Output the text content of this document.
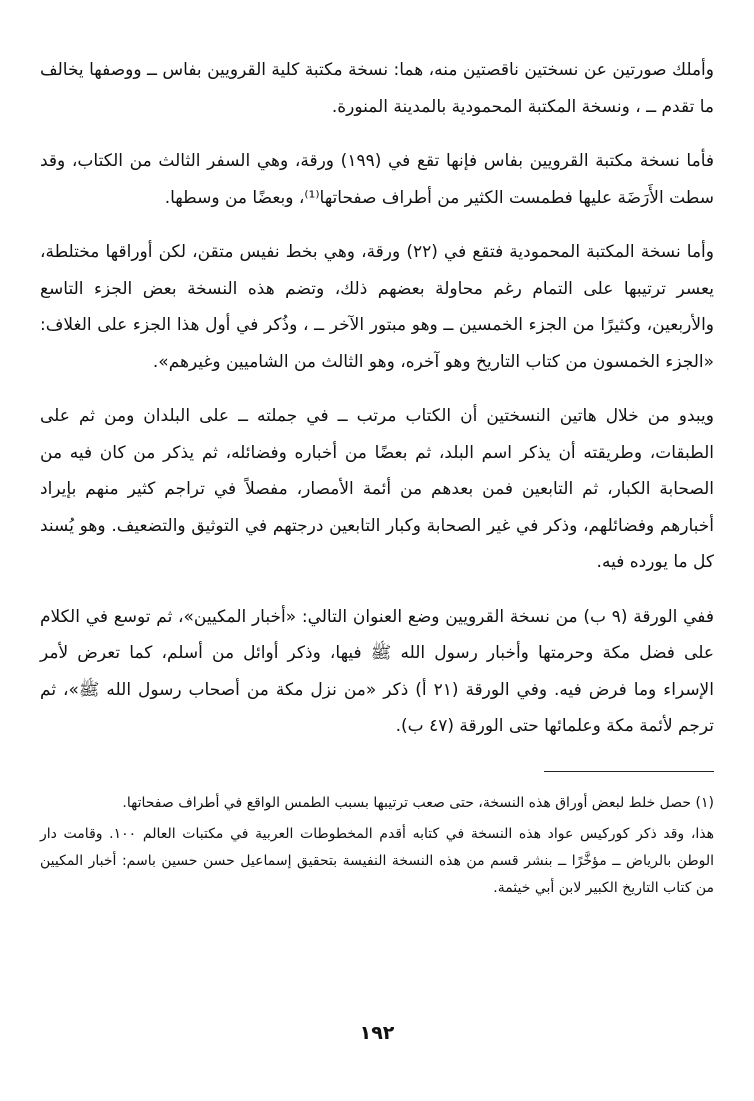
وأملك صورتين عن نسختين ناقصتين منه، هما: نسخة مكتبة كلية القرويين بفاس ــ ووصفها يخالف ما تقدم ــ ، ونسخة المكتبة المحمودية بالمدينة المنورة.

فأما نسخة مكتبة القرويين بفاس فإنها تقع في (١٩٩) ورقة، وهي السفر الثالث من الكتاب، وقد سطت الأَرَضَة عليها فطمست الكثير من أطراف صفحاتها⁽¹⁾، وبعضًا من وسطها.

وأما نسخة المكتبة المحمودية فتقع في (٢٢) ورقة، وهي بخط نفيس متقن، لكن أوراقها مختلطة، يعسر ترتيبها على التمام رغم محاولة بعضهم ذلك، وتضم هذه النسخة بعض الجزء التاسع والأربعين، وكثيرًا من الجزء الخمسين ــ وهو مبتور الآخر ــ ، وذُكر في أول هذا الجزء على الغلاف: «الجزء الخمسون من كتاب التاريخ وهو آخره، وهو الثالث من الشاميين وغيرهم».

ويبدو من خلال هاتين النسختين أن الكتاب مرتب ــ في جملته ــ على البلدان ومن ثم على الطبقات، وطريقته أن يذكر اسم البلد، ثم بعضًا من أخباره وفضائله، ثم يذكر من كان فيه من الصحابة الكبار، ثم التابعين فمن بعدهم من أئمة الأمصار، مفصلاً في تراجم كثير منهم بإيراد أخبارهم وفضائلهم، وذكر في غير الصحابة وكبار التابعين درجتهم في التوثيق والتضعيف. وهو يُسند كل ما يورده فيه.

ففي الورقة (٩ ب) من نسخة القرويين وضع العنوان التالي: «أخبار المكيين»، ثم توسع في الكلام على فضل مكة وحرمتها وأخبار رسول الله ﷺ فيها، وذكر أوائل من أسلم، كما تعرض لأمر الإسراء وما فرض فيه. وفي الورقة (٢١ أ) ذكر «من نزل مكة من أصحاب رسول الله ﷺ»، ثم ترجم لأئمة مكة وعلمائها حتى الورقة (٤٧ ب).

(١) حصل خلط لبعض أوراق هذه النسخة، حتى صعب ترتيبها بسبب الطمس الواقع في أطراف صفحاتها.

هذا، وقد ذكر كوركيس عواد هذه النسخة في كتابه أقدم المخطوطات العربية في مكتبات العالم ١٠٠. وقامت دار الوطن بالرياض ــ مؤخَّرًا ــ بنشر قسم من هذه النسخة النفيسة بتحقيق إسماعيل حسن حسين باسم: أخبار المكيين من كتاب التاريخ الكبير لابن أبي خيثمة.

١٩٢
